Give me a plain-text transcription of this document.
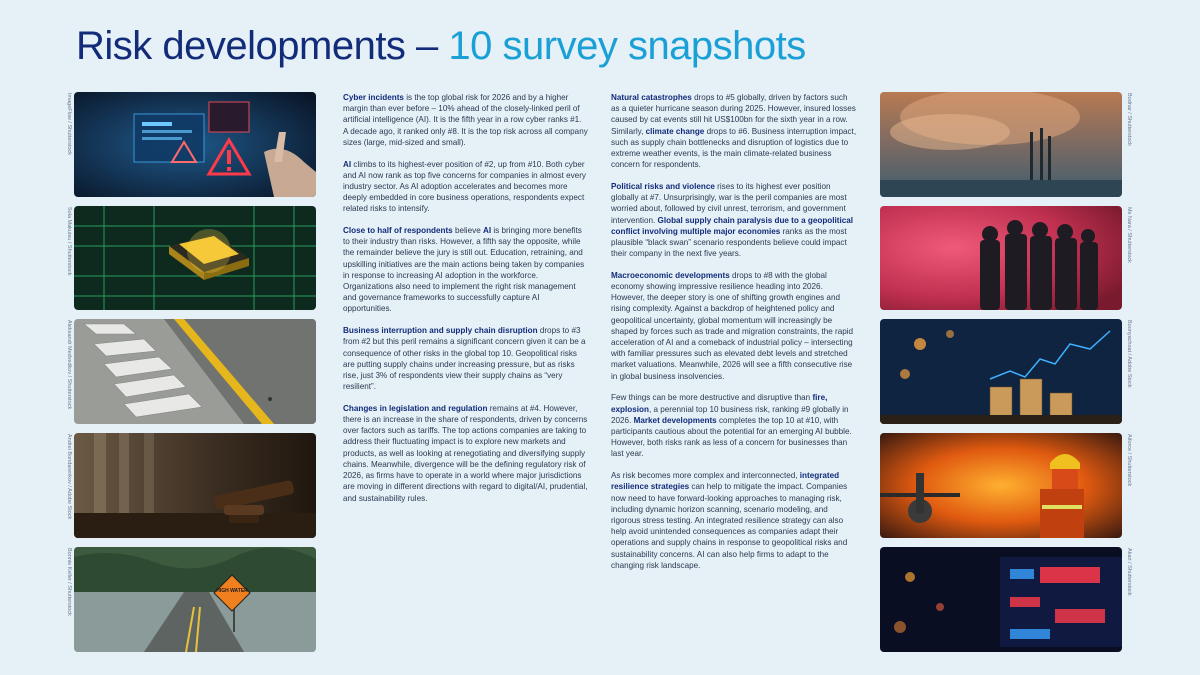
Risk developments – 10 survey snapshots
HIGH WATER
ImageFlow / Shutterstock
Sola Makutsu / Shutterstock
Aleksandr Medvedkov / Shutterstock
Andrei Bondarenkov / Adobe Stock
Bonnie Keller / Shutterstock
Bodnar / Shutterstock
Ms Nara / Shutterstock
Boonyachoat / Adobe Stock
Aiforce / Shutterstock
Akari / Shutterstock

Cyber incidents is the top global risk for 2026 and by a higher margin than ever before – 10% ahead of the closely-linked peril of artificial intelligence (AI). It is the fifth year in a row cyber ranks #1. A decade ago, it ranked only #8. It is the top risk across all company sizes (large, mid-sized and small).

AI climbs to its highest-ever position of #2, up from #10. Both cyber and AI now rank as top five concerns for companies in almost every industry sector. As AI adoption accelerates and becomes more deeply embedded in core business operations, respondents expect related risks to intensify.

Close to half of respondents believe AI is bringing more benefits to their industry than risks. However, a fifth say the opposite, while the remainder believe the jury is still out. Education, retraining, and upskilling initiatives are the main actions being taken by companies in response to increasing AI adoption in the workforce. Organizations also need to implement the right risk management and governance frameworks to successfully capture AI opportunities.

Business interruption and supply chain disruption drops to #3 from #2 but this peril remains a significant concern given it can be a consequence of other risks in the global top 10. Geopolitical risks are putting supply chains under increasing pressure, but as risks rise, just 3% of respondents view their supply chains as “very resilient”.

Changes in legislation and regulation remains at #4. However, there is an increase in the share of respondents, driven by concerns over factors such as tariffs. The top actions companies are taking to address their fluctuating impact is to explore new markets and products, as well as looking at renegotiating and diversifying supply chains. Meanwhile, divergence will be the defining regulatory risk of 2026, as firms have to operate in a world where major jurisdictions are moving in different directions with regard to digital/AI, prudential, and sustainability rules.

Natural catastrophes drops to #5 globally, driven by factors such as a quieter hurricane season during 2025. However, insured losses caused by cat events still hit US$100bn for the sixth year in a row. Similarly, climate change drops to #6. Business interruption impact, such as supply chain bottlenecks and disruption of logistics due to extreme weather events, is the main climate-related business concern for respondents.

Political risks and violence rises to its highest ever position globally at #7. Unsurprisingly, war is the peril companies are most worried about, followed by civil unrest, terrorism, and government intervention. Global supply chain paralysis due to a geopolitical conflict involving multiple major economies ranks as the most plausible “black swan” scenario respondents believe could impact their company in the next five years.

Macroeconomic developments drops to #8 with the global economy showing impressive resilience heading into 2026. However, the deeper story is one of shifting growth engines and rising complexity. Against a backdrop of heightened policy and geopolitical uncertainty, global momentum will increasingly be shaped by forces such as trade and migration constraints, the rapid acceleration of AI and a comeback of industrial policy – intersecting with familiar pressures such as elevated debt levels and stretched market valuations. Meanwhile, 2026 will see a fifth consecutive rise in global business insolvencies.

Few things can be more destructive and disruptive than fire, explosion, a perennial top 10 business risk, ranking #9 globally in 2026. Market developments completes the top 10 at #10, with participants cautious about the potential for an emerging AI bubble. However, both risks rank as less of a concern for businesses than last year.

As risk becomes more complex and interconnected, integrated resilience strategies can help to mitigate the impact. Companies now need to have forward-looking approaches to managing risk, including dynamic horizon scanning, scenario modeling, and rigorous stress testing. An integrated resilience strategy can also help avoid unintended consequences as companies adapt their operations and supply chains in response to geopolitical risks and sustainability concerns. AI can also help firms to adapt to the changing risk landscape.
